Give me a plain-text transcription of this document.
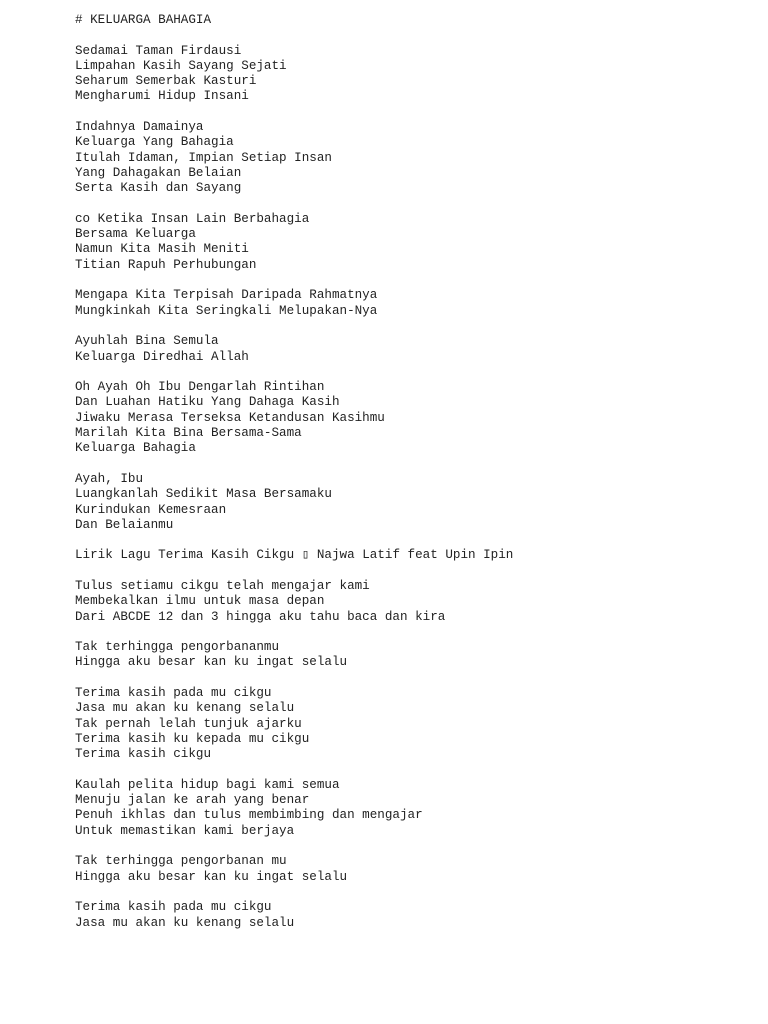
# KELUARGA BAHAGIA
Sedamai Taman Firdausi
Limpahan Kasih Sayang Sejati
Seharum Semerbak Kasturi
Mengharumi Hidup Insani
Indahnya Damainya
Keluarga Yang Bahagia
Itulah Idaman, Impian Setiap Insan
Yang Dahagakan Belaian
Serta Kasih dan Sayang
co Ketika Insan Lain Berbahagia
Bersama Keluarga
Namun Kita Masih Meniti
Titian Rapuh Perhubungan
Mengapa Kita Terpisah Daripada Rahmatnya
Mungkinkah Kita Seringkali Melupakan-Nya
Ayuhlah Bina Semula
Keluarga Diredhai Allah
Oh Ayah Oh Ibu Dengarlah Rintihan
Dan Luahan Hatiku Yang Dahaga Kasih
Jiwaku Merasa Terseksa Ketandusan Kasihmu
Marilah Kita Bina Bersama-Sama
Keluarga Bahagia
Ayah, Ibu
Luangkanlah Sedikit Masa Bersamaku
Kurindukan Kemesraan
Dan Belaianmu
Lirik Lagu Terima Kasih Cikgu ▯ Najwa Latif feat Upin Ipin
Tulus setiamu cikgu telah mengajar kami
Membekalkan ilmu untuk masa depan
Dari ABCDE 12 dan 3 hingga aku tahu baca dan kira
Tak terhingga pengorbananmu
Hingga aku besar kan ku ingat selalu
Terima kasih pada mu cikgu
Jasa mu akan ku kenang selalu
Tak pernah lelah tunjuk ajarku
Terima kasih ku kepada mu cikgu
Terima kasih cikgu
Kaulah pelita hidup bagi kami semua
Menuju jalan ke arah yang benar
Penuh ikhlas dan tulus membimbing dan mengajar
Untuk memastikan kami berjaya
Tak terhingga pengorbanan mu
Hingga aku besar kan ku ingat selalu
Terima kasih pada mu cikgu
Jasa mu akan ku kenang selalu
